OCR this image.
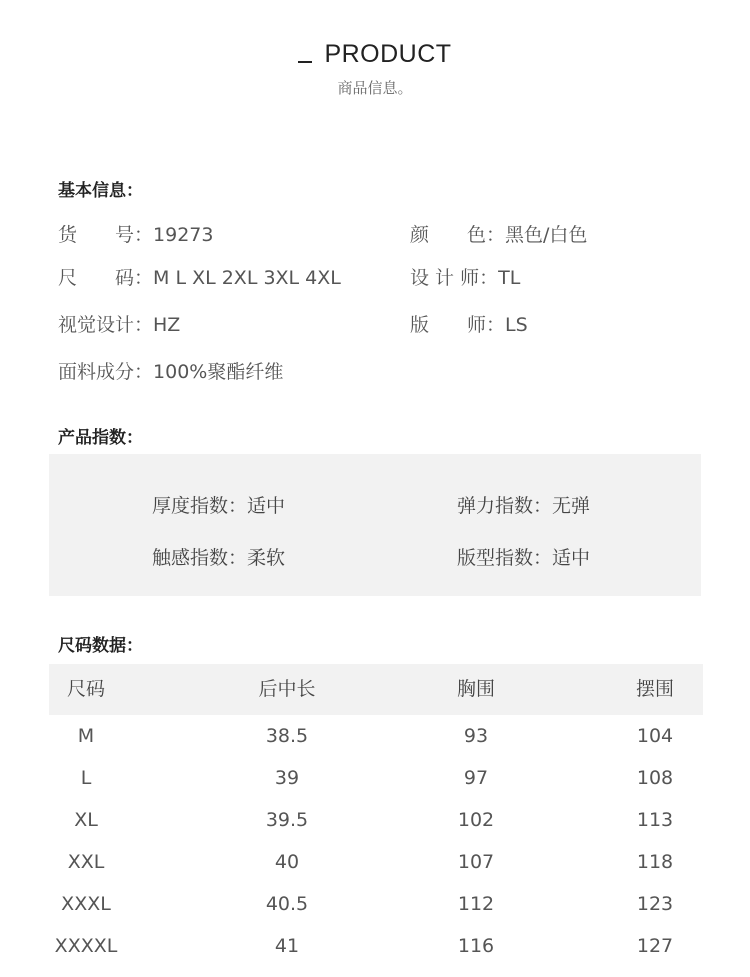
PRODUCT
商品信息。
基本信息：
货　　号：19273	颜　　色：黑色/白色
尺　　码：M L XL 2XL 3XL 4XL	设 计 师：TL
视觉设计：HZ	版　　师：LS
面料成分：100%聚酯纤维
产品指数：
厚度指数：适中	弹力指数：无弹
触感指数：柔软	版型指数：适中
尺码数据：
尺码	后中长	胸围	摆围
M	38.5	93	104
L	39	97	108
XL	39.5	102	113
XXL	40	107	118
XXXL	40.5	112	123
XXXXL	41	116	127
